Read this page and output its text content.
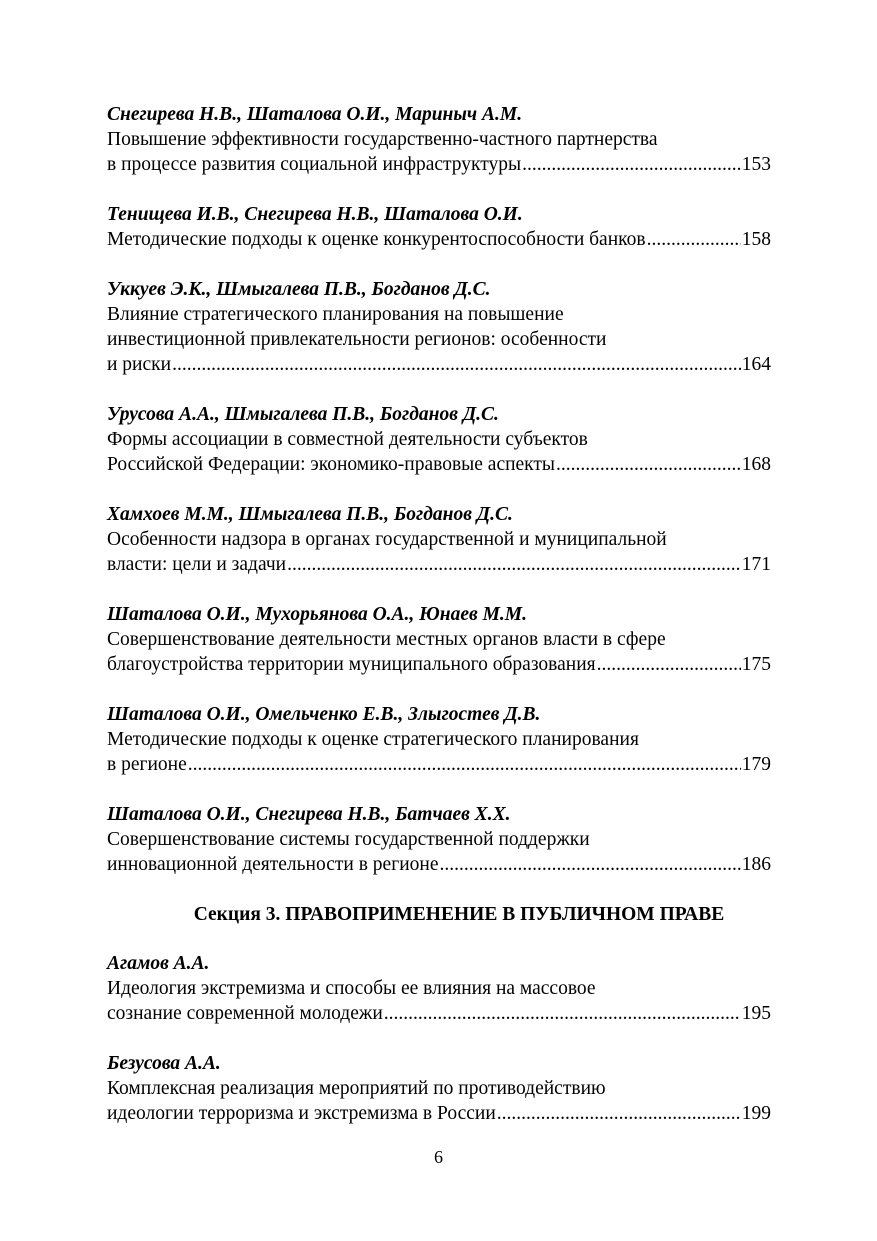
Снегирева Н.В., Шаталова О.И., Мариныч А.М.
Повышение эффективности государственно-частного партнерства
в процессе развития социальной инфраструктуры .....	153
Тенищева И.В., Снегирева Н.В., Шаталова О.И.
Методические подходы к оценке конкурентоспособности банков .....	158
Уккуев Э.К., Шмыгалева П.В., Богданов Д.С.
Влияние стратегического планирования на повышение
инвестиционной привлекательности регионов: особенности
и риски .....	164
Урусова А.А., Шмыгалева П.В., Богданов Д.С.
Формы ассоциации в совместной деятельности субъектов
Российской Федерации: экономико-правовые аспекты .....	168
Хамхоев М.М., Шмыгалева П.В., Богданов Д.С.
Особенности надзора в органах государственной и муниципальной
власти: цели и задачи .....	171
Шаталова О.И., Мухорьянова О.А., Юнаев М.М.
Совершенствование деятельности местных органов власти в сфере
благоустройства территории муниципального образования .....	175
Шаталова О.И., Омельченко Е.В., Злыгостев Д.В.
Методические подходы к оценке стратегического планирования
в регионе .....	179
Шаталова О.И., Снегирева Н.В., Батчаев Х.Х.
Совершенствование системы государственной поддержки
инновационной деятельности в регионе .....	186
Секция 3. ПРАВОПРИМЕНЕНИЕ В ПУБЛИЧНОМ ПРАВЕ
Агамов А.А.
Идеология экстремизма и способы ее влияния на массовое
сознание современной молодежи .....	195
Безусова А.А.
Комплексная реализация мероприятий по противодействию
идеологии терроризма и экстремизма в России .....	199
6
